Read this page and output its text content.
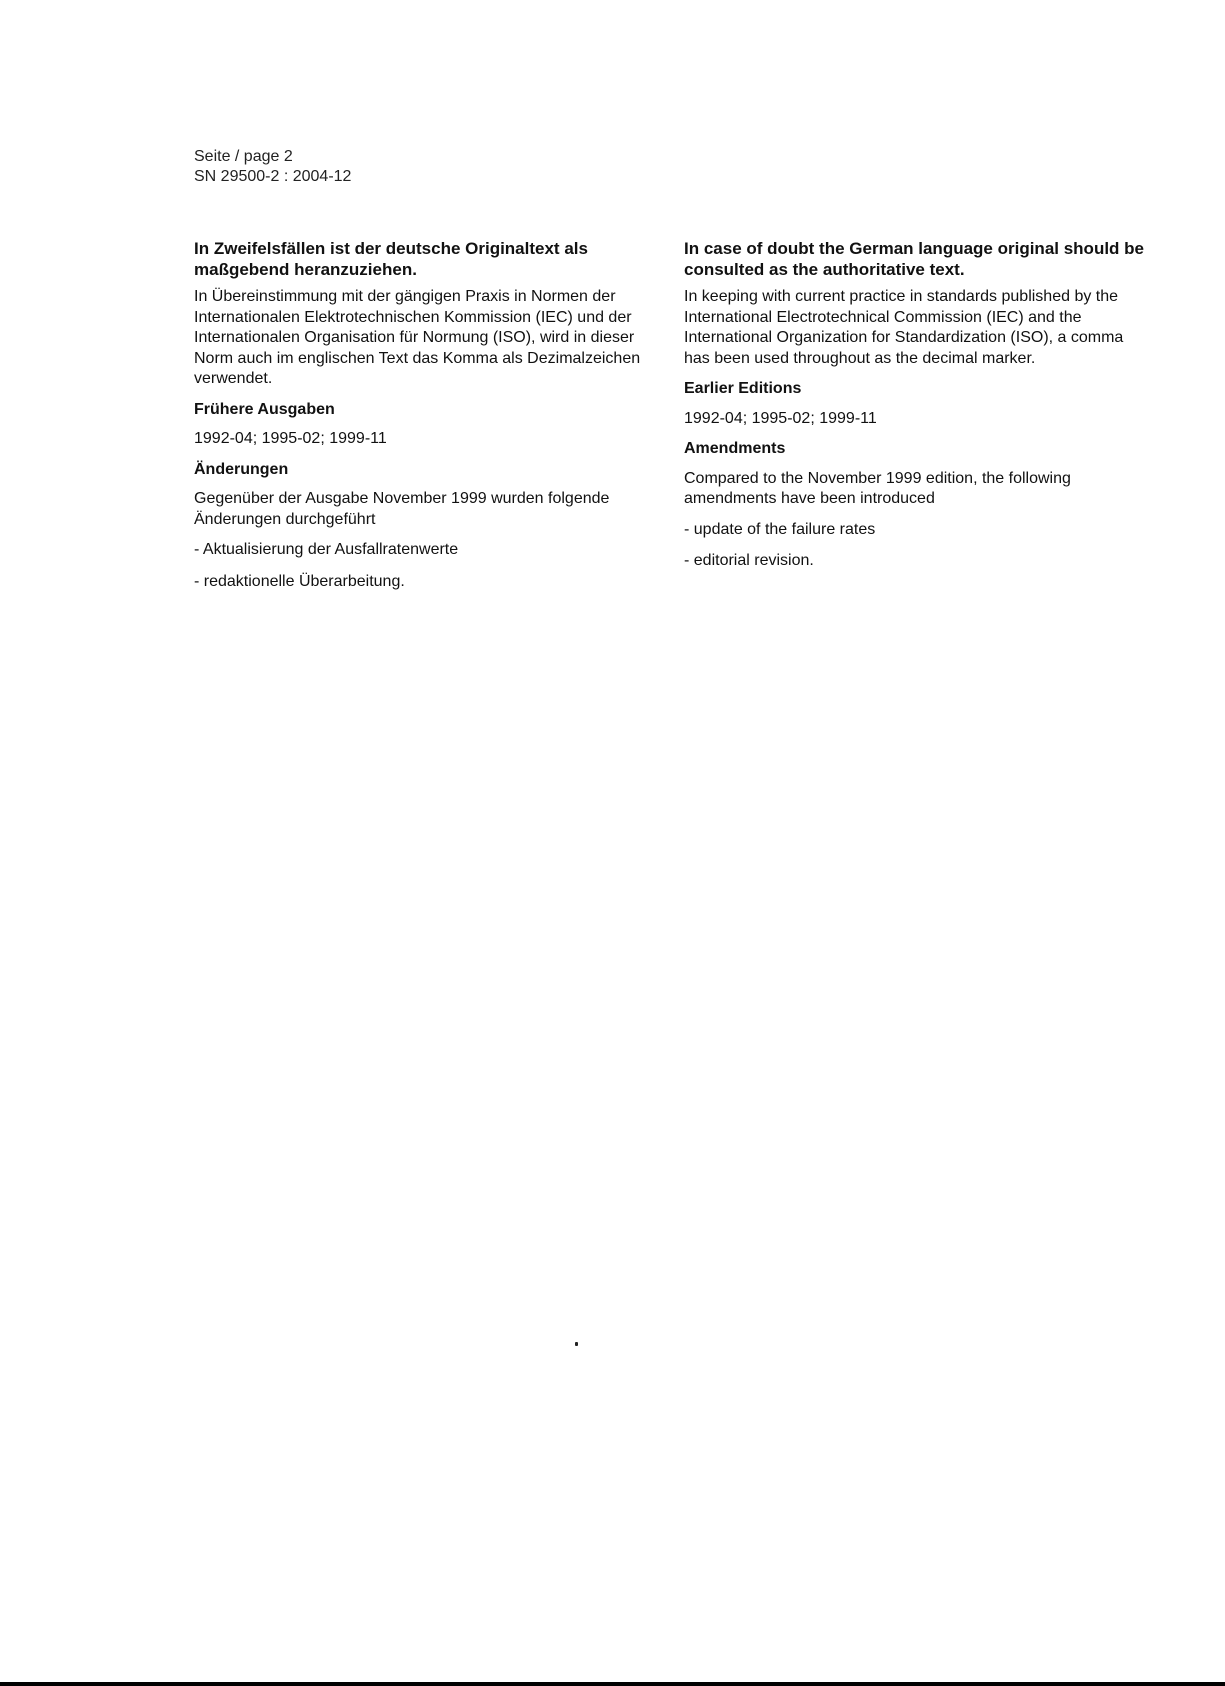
Seite / page 2
SN 29500-2 : 2004-12

In Zweifelsfällen ist der deutsche Originaltext als maßgebend heranzuziehen.

In Übereinstimmung mit der gängigen Praxis in Normen der Internationalen Elektrotechnischen Kommission (IEC) und der Internationalen Organisation für Normung (ISO), wird in dieser Norm auch im englischen Text das Komma als Dezimalzeichen verwendet.

Frühere Ausgaben

1992-04; 1995-02; 1999-11

Änderungen

Gegenüber der Ausgabe November 1999 wurden folgende Änderungen durchgeführt

- Aktualisierung der Ausfallratenwerte

- redaktionelle Überarbeitung.

In case of doubt the German language original should be consulted as the authoritative text.

In keeping with current practice in standards published by the International Electrotechnical Commission (IEC) and the International Organization for Standardization (ISO), a comma has been used throughout as the decimal marker.

Earlier Editions

1992-04; 1995-02; 1999-11

Amendments

Compared to the November 1999 edition, the following amendments have been introduced

- update of the failure rates

- editorial revision.
